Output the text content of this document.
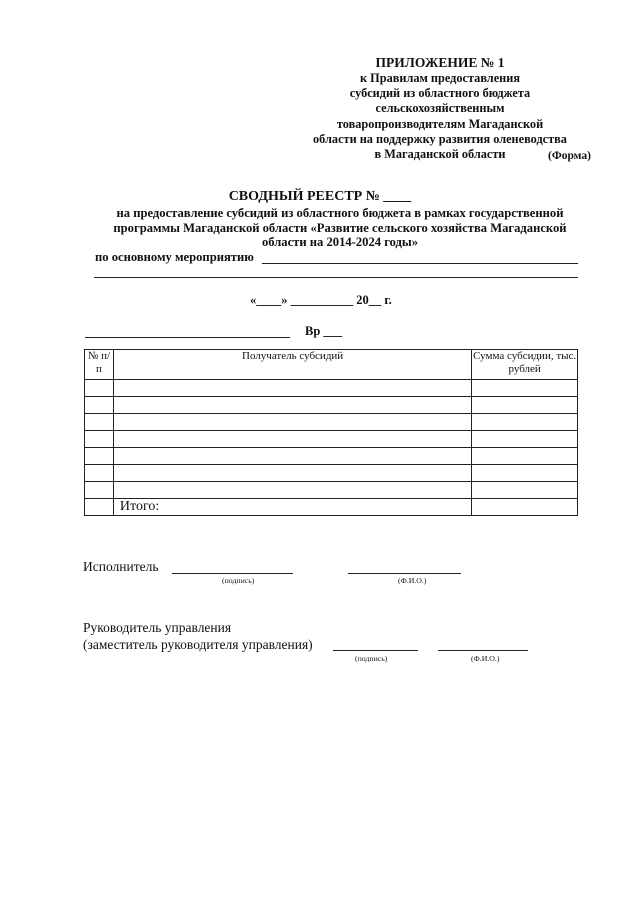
ПРИЛОЖЕНИЕ № 1
к Правилам предоставления
субсидий из областного бюджета
сельскохозяйственным
товаропроизводителям Магаданской
области на поддержку развития оленеводства
в Магаданской области	(Форма)
СВОДНЫЙ РЕЕСТР № ____
на предоставление субсидий из областного бюджета в рамках государственной
программы Магаданской области «Развитие сельского хозяйства Магаданской
области на 2014-2024 годы»
по основному мероприятию
«____» __________ 20__ г.
Вр ___
№ п/п	Получатель субсидий	Сумма субсидии, тыс. рублей

	Итого:	
Исполнитель
(подпись)	(Ф.И.О.)
Руководитель управления
(заместитель руководителя управления)
(подпись)	(Ф.И.О.)
